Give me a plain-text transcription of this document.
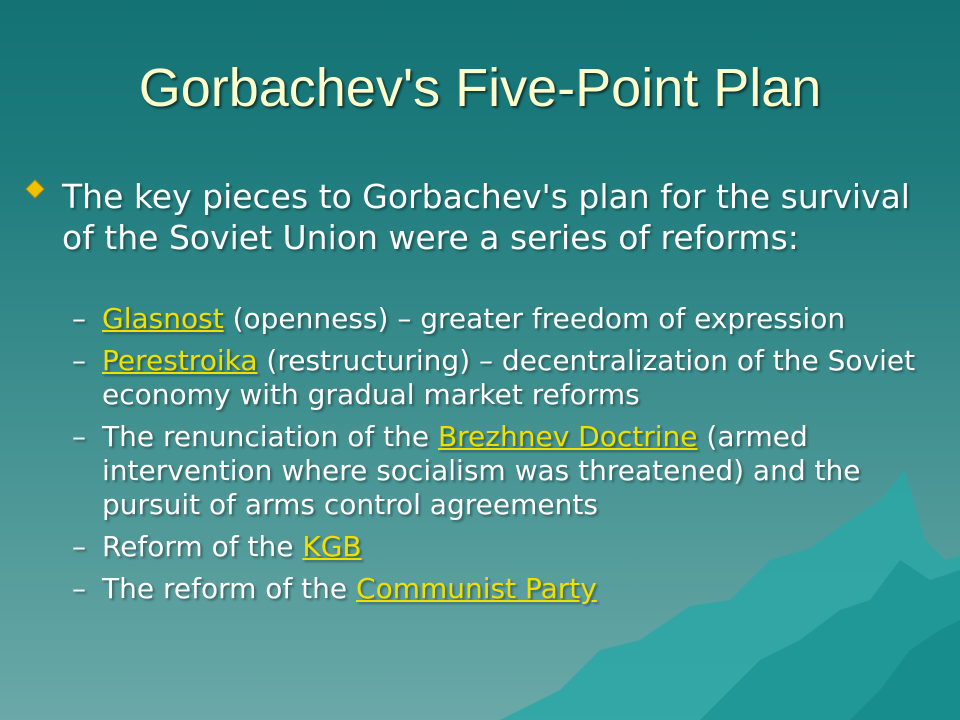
Gorbachev's Five-Point Plan
The key pieces to Gorbachev's plan for the survival of the Soviet Union were a series of reforms:
– Glasnost (openness) – greater freedom of expression
– Perestroika (restructuring) – decentralization of the Soviet economy with gradual market reforms
– The renunciation of the Brezhnev Doctrine (armed intervention where socialism was threatened) and the pursuit of arms control agreements
– Reform of the KGB
– The reform of the Communist Party
